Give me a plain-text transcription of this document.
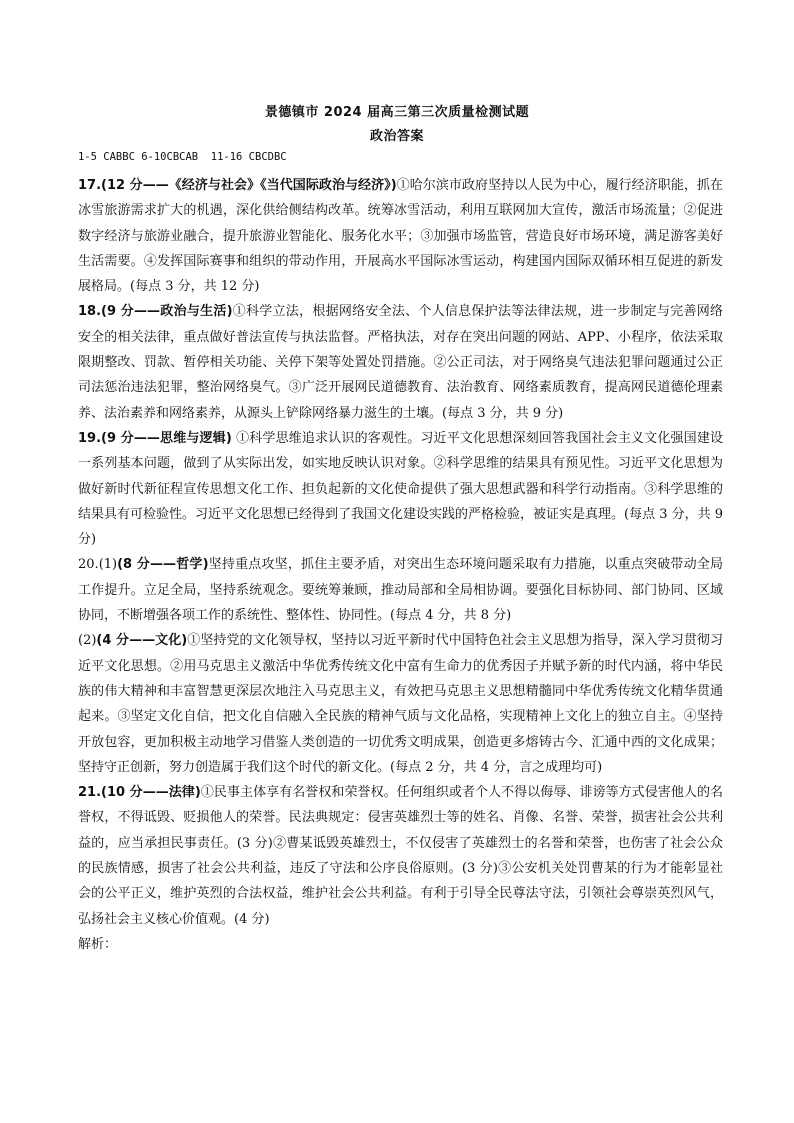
景德镇市 2024 届高三第三次质量检测试题
政治答案
1-5 CABBC 6-10CBCAB  11-16 CBCDBC

17.(12 分——《经济与社会》《当代国际政治与经济》)①哈尔滨市政府坚持以人民为中心，履行经济职能，抓在冰雪旅游需求扩大的机遇，深化供给侧结构改革。统筹冰雪活动，利用互联网加大宣传，激活市场流量；②促进数字经济与旅游业融合，提升旅游业智能化、服务化水平；③加强市场监管，营造良好市场环境，满足游客美好生活需要。④发挥国际赛事和组织的带动作用，开展高水平国际冰雪运动，构建国内国际双循环相互促进的新发展格局。(每点 3 分，共 12 分)

18.(9 分——政治与生活)①科学立法，根据网络安全法、个人信息保护法等法律法规，进一步制定与完善网络安全的相关法律，重点做好普法宣传与执法监督。严格执法，对存在突出问题的网站、APP、小程序，依法采取限期整改、罚款、暂停相关功能、关停下架等处置处罚措施。②公正司法，对于网络臭气违法犯罪问题通过公正司法惩治违法犯罪，整治网络臭气。③广泛开展网民道德教育、法治教育、网络素质教育，提高网民道德伦理素养、法治素养和网络素养，从源头上铲除网络暴力滋生的土壤。(每点 3 分，共 9 分)

19.(9 分——思维与逻辑) ①科学思维追求认识的客观性。习近平文化思想深刻回答我国社会主义文化强国建设一系列基本问题，做到了从实际出发，如实地反映认识对象。②科学思维的结果具有预见性。习近平文化思想为做好新时代新征程宣传思想文化工作、担负起新的文化使命提供了强大思想武器和科学行动指南。③科学思维的结果具有可检验性。习近平文化思想已经得到了我国文化建设实践的严格检验，被证实是真理。(每点 3 分，共 9 分)

20.(1)(8 分——哲学)坚持重点攻坚，抓住主要矛盾，对突出生态环境问题采取有力措施，以重点突破带动全局工作提升。立足全局，坚持系统观念。要统筹兼顾，推动局部和全局相协调。要强化目标协同、部门协同、区域协同，不断增强各项工作的系统性、整体性、协同性。(每点 4 分，共 8 分)

(2)(4 分——文化)①坚持党的文化领导权，坚持以习近平新时代中国特色社会主义思想为指导，深入学习贯彻习近平文化思想。②用马克思主义激活中华优秀传统文化中富有生命力的优秀因子并赋予新的时代内涵，将中华民族的伟大精神和丰富智慧更深层次地注入马克思主义，有效把马克思主义思想精髓同中华优秀传统文化精华贯通起来。③坚定文化自信，把文化自信融入全民族的精神气质与文化品格，实现精神上文化上的独立自主。④坚持开放包容，更加积极主动地学习借鉴人类创造的一切优秀文明成果，创造更多熔铸古今、汇通中西的文化成果；坚持守正创新，努力创造属于我们这个时代的新文化。(每点 2 分，共 4 分，言之成理均可)

21.(10 分——法律)①民事主体享有名誉权和荣誉权。任何组织或者个人不得以侮辱、诽谤等方式侵害他人的名誉权，不得诋毁、贬损他人的荣誉。民法典规定：侵害英雄烈士等的姓名、肖像、名誉、荣誉，损害社会公共利益的，应当承担民事责任。(3 分)②曹某诋毁英雄烈士，不仅侵害了英雄烈士的名誉和荣誉，也伤害了社会公众的民族情感，损害了社会公共利益，违反了守法和公序良俗原则。(3 分)③公安机关处罚曹某的行为才能彰显社会的公平正义，维护英烈的合法权益，维护社会公共利益。有利于引导全民尊法守法，引领社会尊崇英烈风气，弘扬社会主义核心价值观。(4 分)

解析：
